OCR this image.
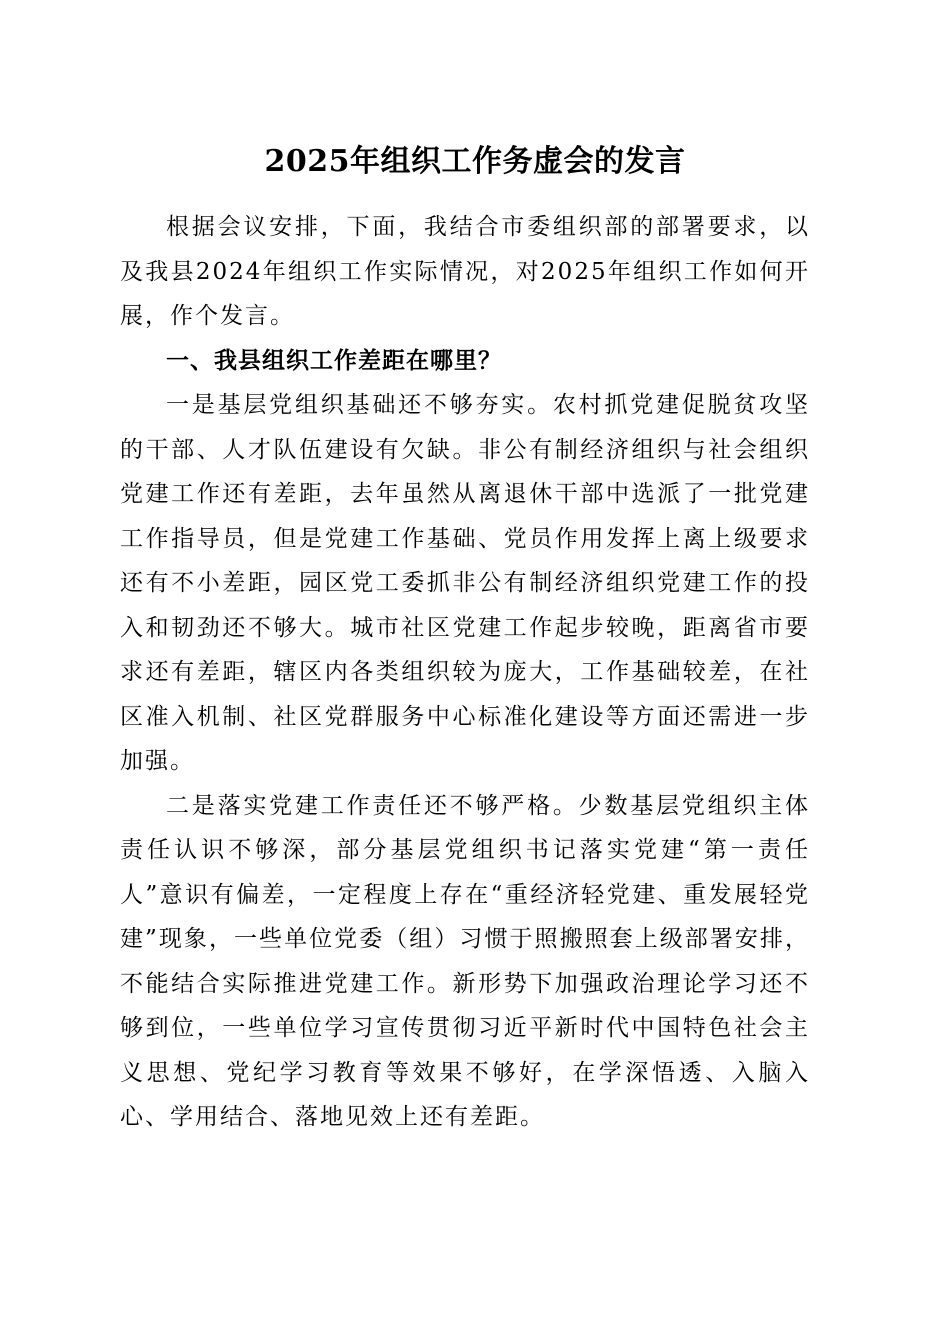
2025年组织工作务虚会的发言

根据会议安排，下面，我结合市委组织部的部署要求，以及我县2024年组织工作实际情况，对2025年组织工作如何开展，作个发言。

一、我县组织工作差距在哪里？

一是基层党组织基础还不够夯实。农村抓党建促脱贫攻坚的干部、人才队伍建设有欠缺。非公有制经济组织与社会组织党建工作还有差距，去年虽然从离退休干部中选派了一批党建工作指导员，但是党建工作基础、党员作用发挥上离上级要求还有不小差距，园区党工委抓非公有制经济组织党建工作的投入和韧劲还不够大。城市社区党建工作起步较晚，距离省市要求还有差距，辖区内各类组织较为庞大，工作基础较差，在社区准入机制、社区党群服务中心标准化建设等方面还需进一步加强。

二是落实党建工作责任还不够严格。少数基层党组织主体责任认识不够深，部分基层党组织书记落实党建“第一责任人”意识有偏差，一定程度上存在“重经济轻党建、重发展轻党建”现象，一些单位党委（组）习惯于照搬照套上级部署安排，不能结合实际推进党建工作。新形势下加强政治理论学习还不够到位，一些单位学习宣传贯彻习近平新时代中国特色社会主义思想、党纪学习教育等效果不够好，在学深悟透、入脑入心、学用结合、落地见效上还有差距。
